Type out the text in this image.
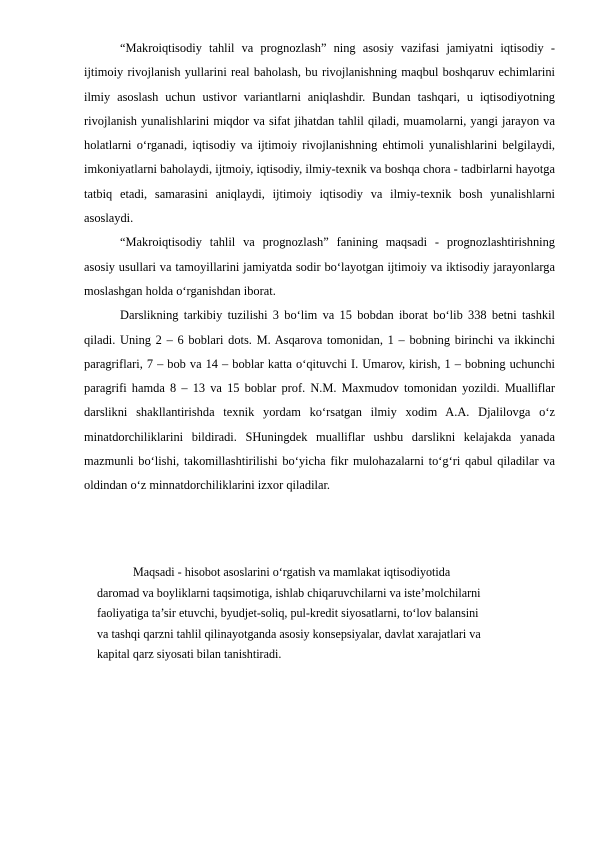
“Makroiqtisodiy tahlil va prognozlash” ning asosiy vazifasi jamiyatni iqtisodiy - ijtimoiy rivojlanish yullarini real baholash, bu rivojlanishning maqbul boshqaruv echimlarini ilmiy asoslash uchun ustivor variantlarni aniqlashdir. Bundan tashqari, u iqtisodiyotning rivojlanish yunalishlarini miqdor va sifat jihatdan tahlil qiladi, muamolarni, yangi jarayon va holatlarni o‘rganadi, iqtisodiy va ijtimoiy rivojlanishning ehtimoli yunalishlarini belgilaydi, imkoniyatlarni baholaydi, ijtmoiy, iqtisodiy, ilmiy-texnik va boshqa chora - tadbirlarni hayotga tatbiq etadi, samarasini aniqlaydi, ijtimoiy iqtisodiy va ilmiy-texnik bosh yunalishlarni asoslaydi.

“Makroiqtisodiy tahlil va prognozlash” fanining maqsadi - prognozlashtirishning asosiy usullari va tamoyillarini jamiyatda sodir bo‘layotgan ijtimoiy va iktisodiy jarayonlarga moslashgan holda o‘rganishdan iborat.

Darslikning tarkibiy tuzilishi 3 bo‘lim va 15 bobdan iborat bo‘lib 338 betni tashkil qiladi. Uning 2 – 6 boblari dots. M. Asqarova tomonidan, 1 – bobning birinchi va ikkinchi paragriflari, 7 – bob va 14 – boblar katta o‘qituvchi I. Umarov, kirish, 1 – bobning uchunchi paragrifi hamda 8 – 13 va 15 boblar prof. N.M. Maxmudov tomonidan yozildi. Mualliflar darslikni shakllantirishda texnik yordam ko‘rsatgan ilmiy xodim A.A. Djalilovga o‘z minatdorchiliklarini bildiradi. SHuningdek mualliflar ushbu darslikni kelajakda yanada mazmunli bo‘lishi, takomillashtirilishi bo‘yicha fikr mulohazalarni to‘g‘ri qabul qiladilar va oldindan o‘z minnatdorchiliklarini izxor qiladilar.

Maqsadi - hisobot asoslarini o‘rgatish va mamlakat iqtisodiyotida

daromad va boyliklarni taqsimotiga, ishlab chiqaruvchilarni va iste’molchilarni
faoliyatiga ta’sir etuvchi, byudjet-soliq, pul-kredit siyosatlarni, to‘lov balansini
va tashqi qarzni tahlil qilinayotganda asosiy konsepsiyalar, davlat xarajatlari va
kapital qarz siyosati bilan tanishtiradi.
